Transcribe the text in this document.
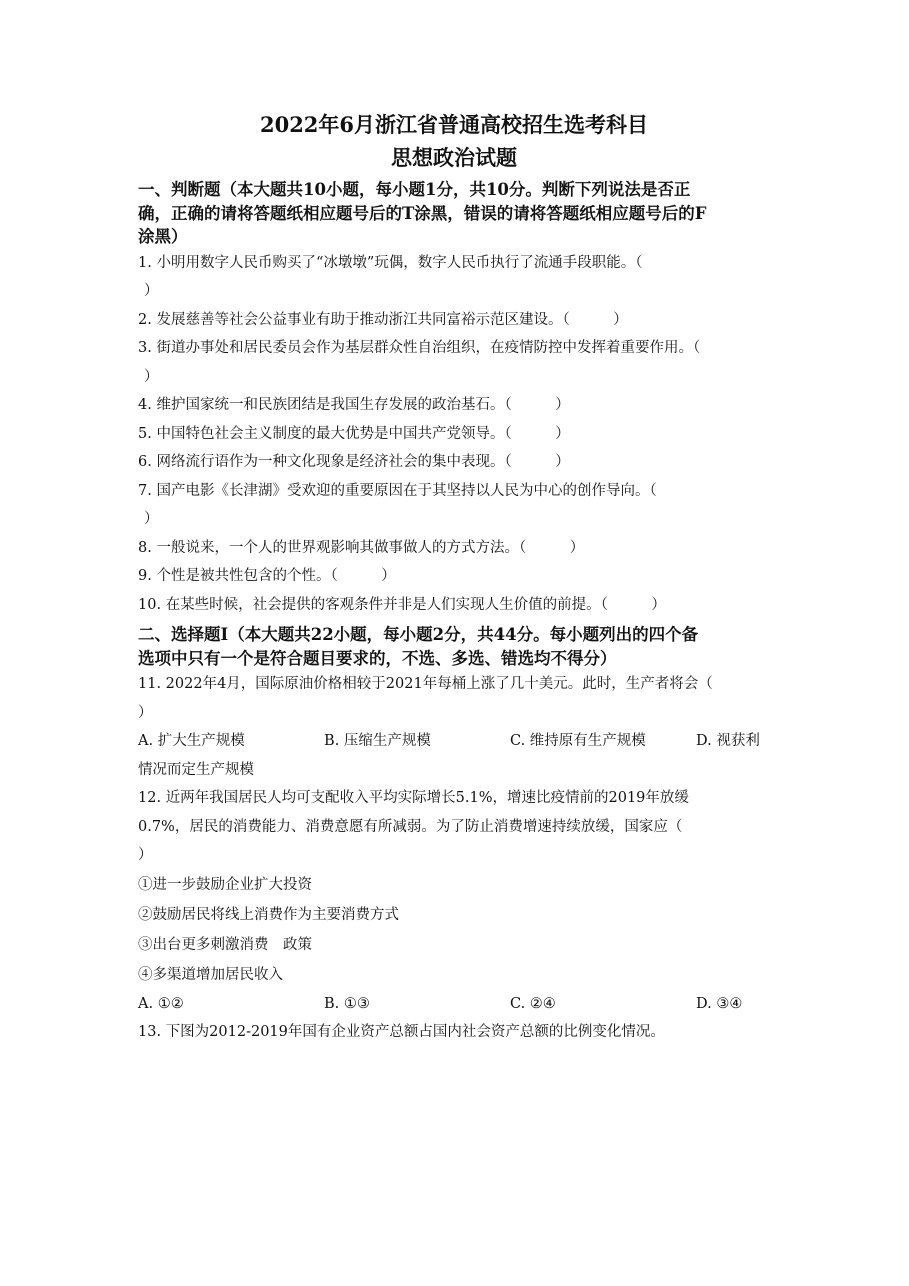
2022年6月浙江省普通高校招生选考科目
思想政治试题
一、判断题（本大题共10小题，每小题1分，共10分。判断下列说法是否正
确，正确的请将答题纸相应题号后的T涂黑，错误的请将答题纸相应题号后的F
涂黑）
1. 小明用数字人民币购买了“冰墩墩”玩偶，数字人民币执行了流通手段职能。（
）
2. 发展慈善等社会公益事业有助于推动浙江共同富裕示范区建设。（　　　）
3. 街道办事处和居民委员会作为基层群众性自治组织，在疫情防控中发挥着重要作用。（
）
4. 维护国家统一和民族团结是我国生存发展的政治基石。（　　　）
5. 中国特色社会主义制度的最大优势是中国共产党领导。（　　　）
6. 网络流行语作为一种文化现象是经济社会的集中表现。（　　　）
7. 国产电影《长津湖》受欢迎的重要原因在于其坚持以人民为中心的创作导向。（
）
8. 一般说来，一个人的世界观影响其做事做人的方式方法。（　　　）
9. 个性是被共性包含的个性。（　　　）
10. 在某些时候，社会提供的客观条件并非是人们实现人生价值的前提。（　　　）
二、选择题Ⅰ（本大题共22小题，每小题2分，共44分。每小题列出的四个备
选项中只有一个是符合题目要求的，不选、多选、错选均不得分）
11. 2022年4月，国际原油价格相较于2021年每桶上涨了几十美元。此时，生产者将会（
）
A. 扩大生产规模	B. 压缩生产规模	C. 维持原有生产规模	D. 视获利
情况而定生产规模
12. 近两年我国居民人均可支配收入平均实际增长5.1%，增速比疫情前的2019年放缓
0.7%，居民的消费能力、消费意愿有所减弱。为了防止消费增速持续放缓，国家应（
）
①进一步鼓励企业扩大投资
②鼓励居民将线上消费作为主要消费方式
③出台更多刺激消费　政策
④多渠道增加居民收入
A. ①②	B. ①③	C. ②④	D. ③④
13. 下图为2012-2019年国有企业资产总额占国内社会资产总额的比例变化情况。
